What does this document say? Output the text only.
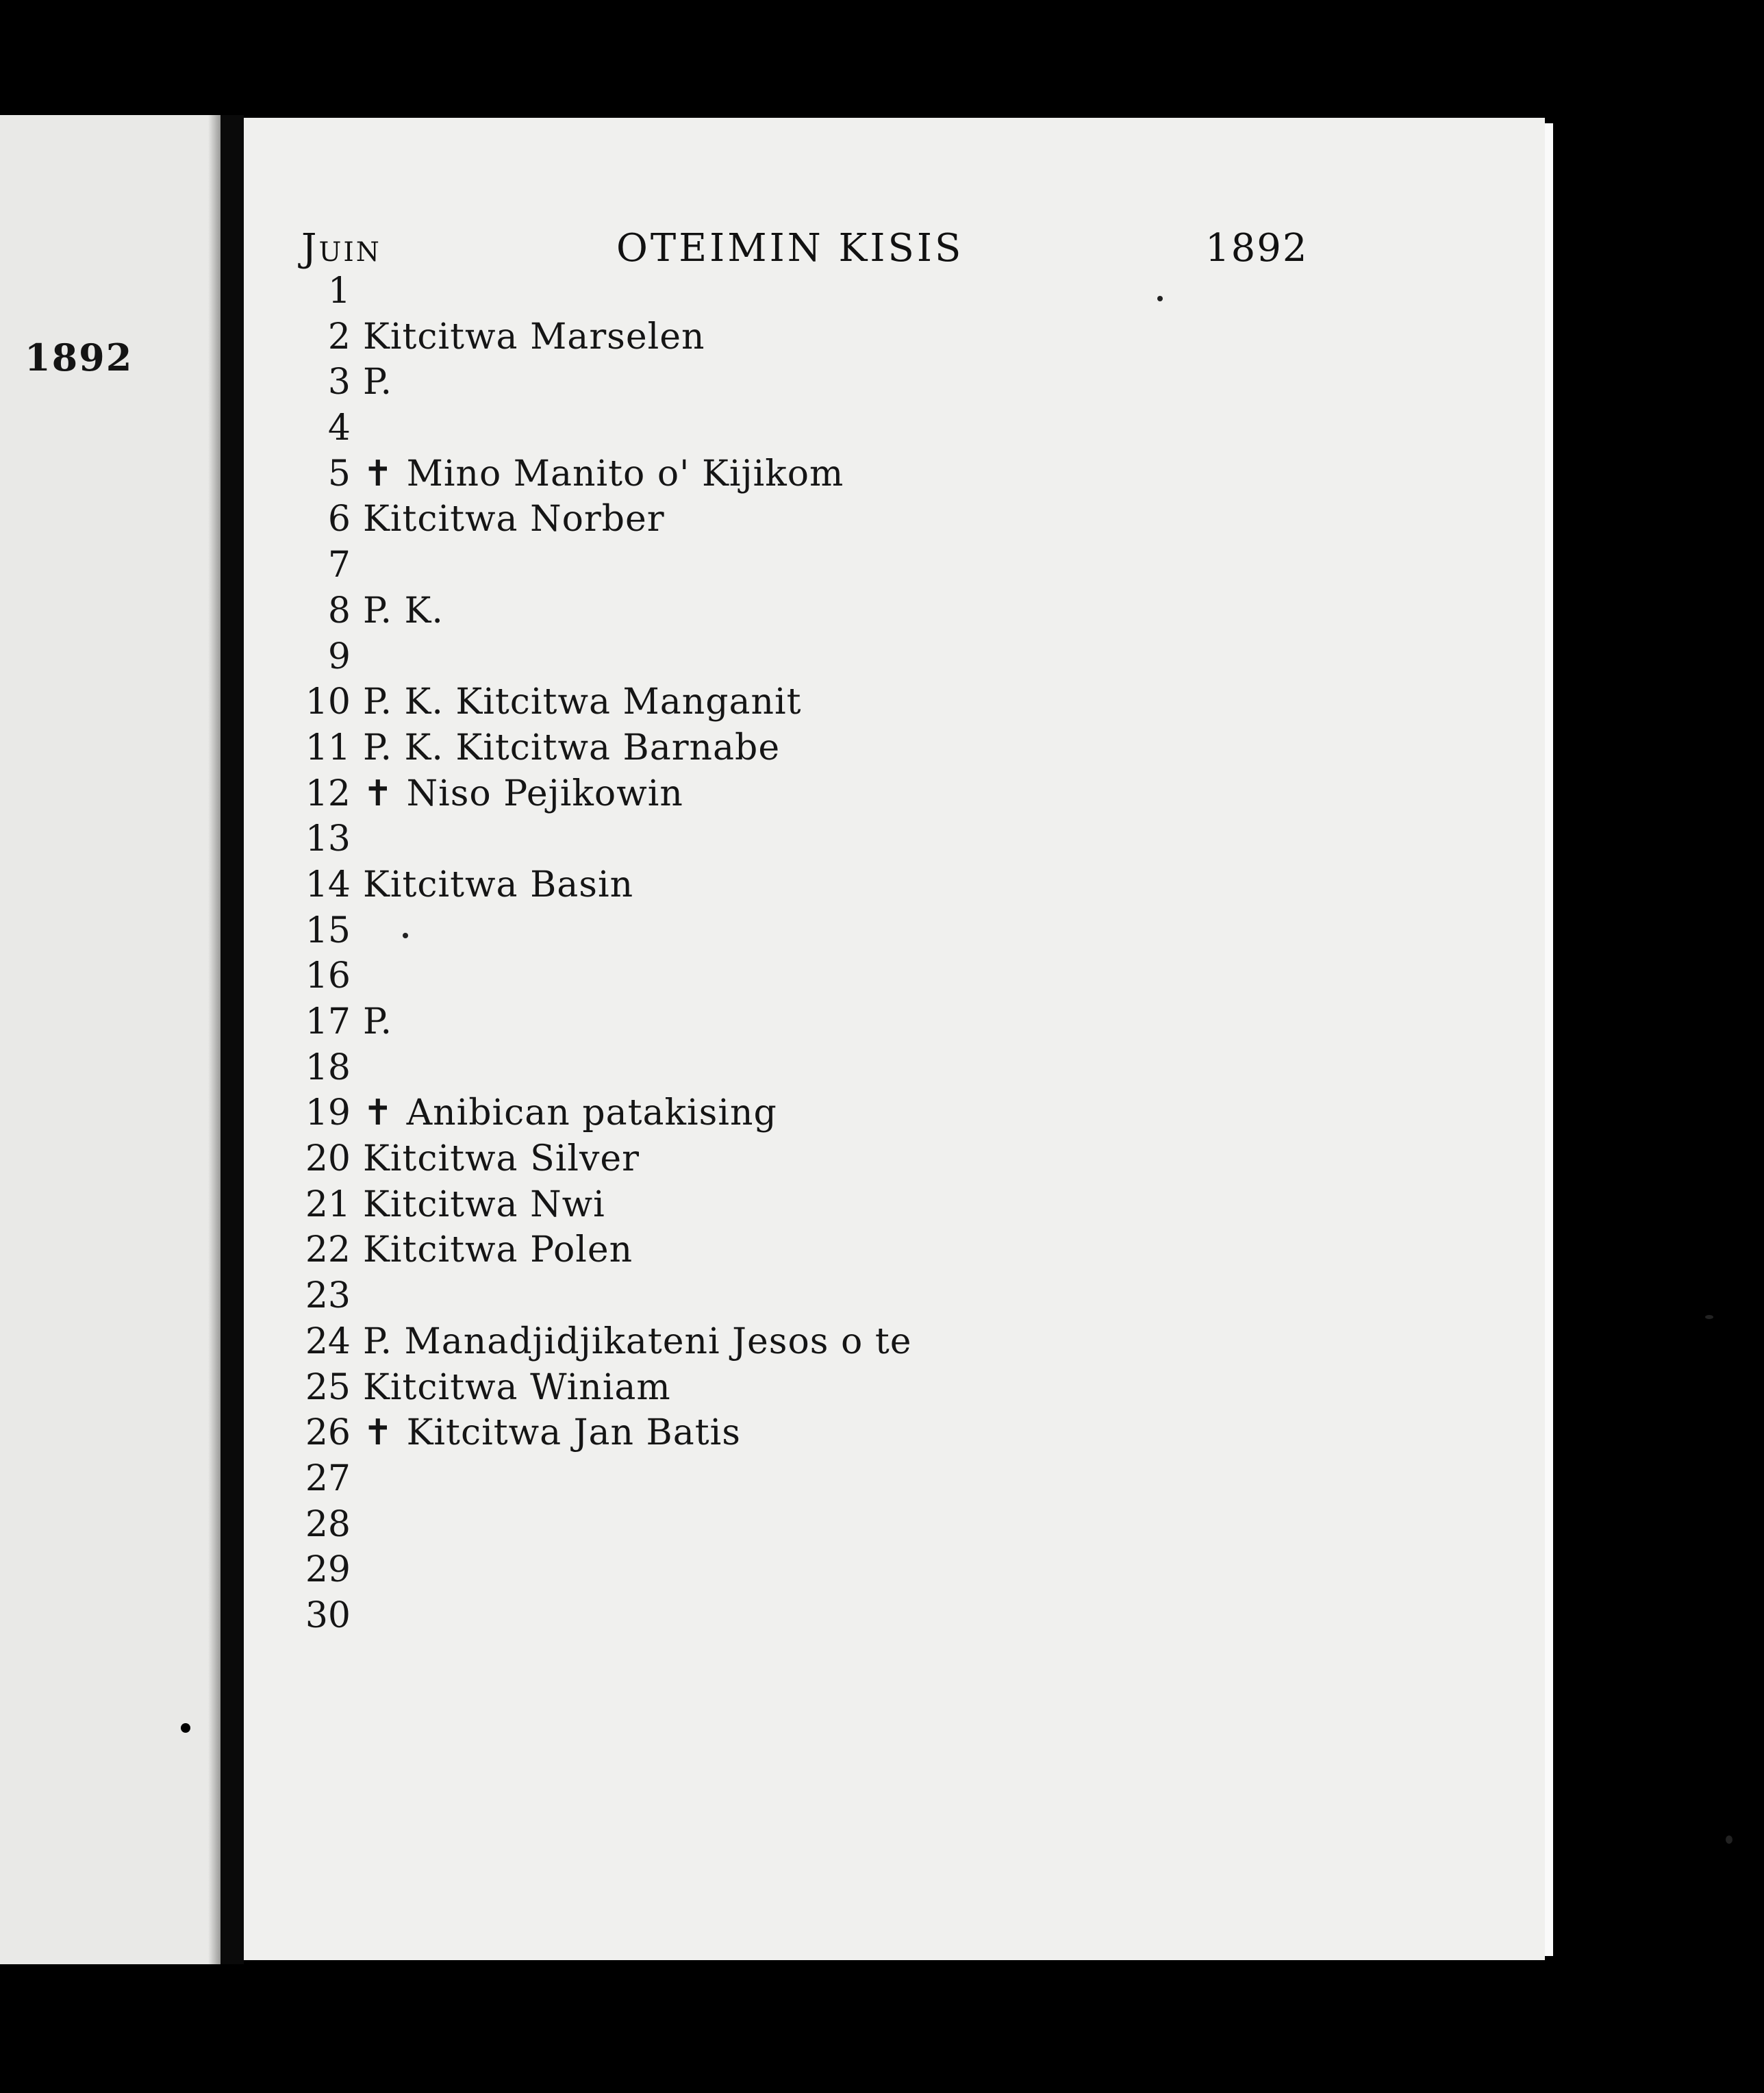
1892
Juin	OTEIMIN KISIS	1892
1
2 Kitcitwa Marselen
3 P.
4
5 ✝ Mino Manito o' Kijikom
6 Kitcitwa Norber
7
8 P. K.
9
10 P. K. Kitcitwa Manganit
11 P. K. Kitcitwa Barnabe
12 ✝ Niso Pejikowin
13
14 Kitcitwa Basin
15
16
17 P.
18
19 ✝ Anibican patakising
20 Kitcitwa Silver
21 Kitcitwa Nwi
22 Kitcitwa Polen
23
24 P. Manadjidjikateni Jesos o te
25 Kitcitwa Winiam
26 ✝ Kitcitwa Jan Batis
27
28
29
30
